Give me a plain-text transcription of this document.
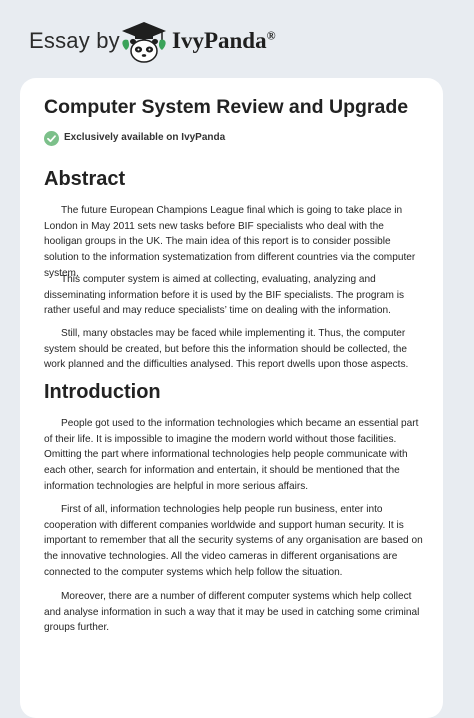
Essay by IvyPanda®
Computer System Review and Upgrade
Exclusively available on IvyPanda
Abstract

The future European Champions League final which is going to take place in London in May 2011 sets new tasks before BIF specialists who deal with the hooligan groups in the UK. The main idea of this report is to consider possible solution to the information systematization from different countries via the computer system.

This computer system is aimed at collecting, evaluating, analyzing and disseminating information before it is used by the BIF specialists. The program is rather useful and may reduce specialists’ time on dealing with the information.

Still, many obstacles may be faced while implementing it. Thus, the computer system should be created, but before this the information should be collected, the work planned and the difficulties analysed. This report dwells upon those aspects.

Introduction

People got used to the information technologies which became an essential part of their life. It is impossible to imagine the modern world without those facilities. Omitting the part where informational technologies help people communicate with each other, search for information and entertain, it should be mentioned that the information technologies are helpful in more serious affairs.

First of all, information technologies help people run business, enter into cooperation with different companies worldwide and support human security. It is important to remember that all the security systems of any organisation are based on the innovative technologies. All the video cameras in different organisations are connected to the computer systems which help follow the situation.

Moreover, there are a number of different computer systems which help collect and analyse information in such a way that it may be used in catching some criminal groups further.
